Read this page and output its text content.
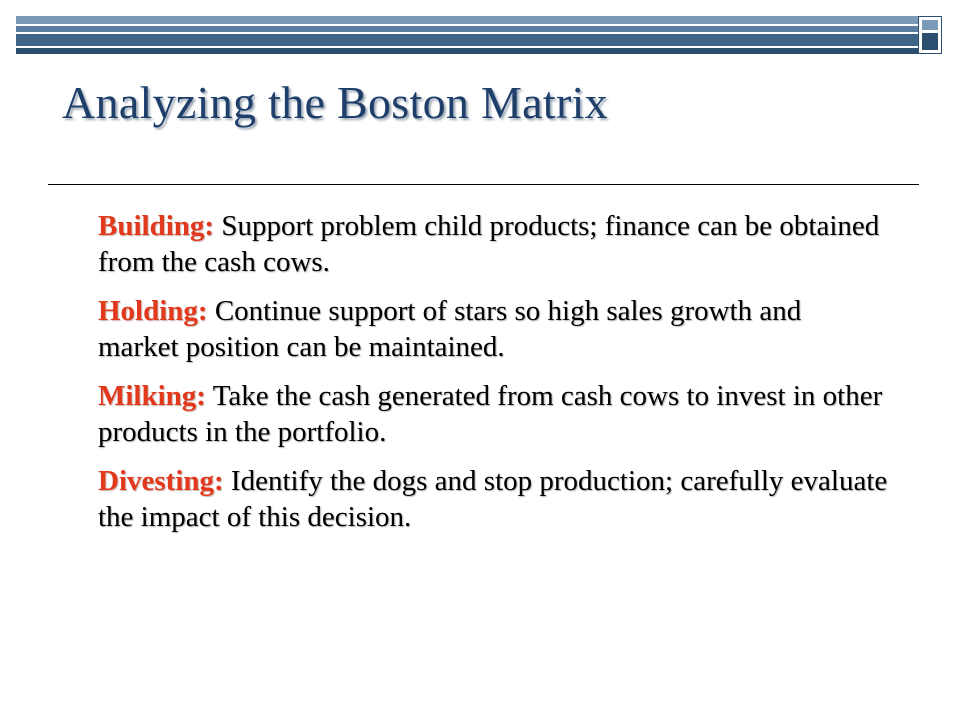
Analyzing the Boston Matrix

Building: Support problem child products; finance can be obtained from the cash cows.

Holding: Continue support of stars so high sales growth and market position can be maintained.

Milking: Take the cash generated from cash cows to invest in other products in the portfolio.

Divesting: Identify the dogs and stop production; carefully evaluate the impact of this decision.
